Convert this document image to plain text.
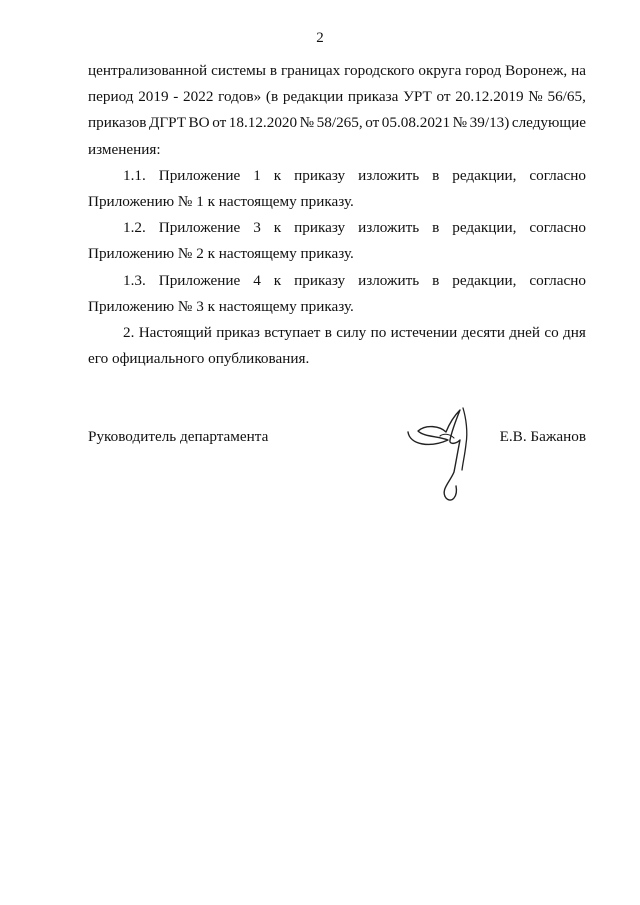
2
централизованной системы в границах городского округа город Воронеж, на
период 2019 - 2022 годов» (в редакции приказа УРТ от 20.12.2019 № 56/65,
приказов ДГРТ ВО от 18.12.2020 № 58/265, от 05.08.2021 № 39/13) следующие
изменения:
1.1. Приложение 1 к приказу изложить в редакции, согласно
Приложению № 1 к настоящему приказу.
1.2. Приложение 3 к приказу изложить в редакции, согласно
Приложению № 2 к настоящему приказу.
1.3. Приложение 4 к приказу изложить в редакции, согласно
Приложению № 3 к настоящему приказу.
2. Настоящий приказ вступает в силу по истечении десяти дней со дня
его официального опубликования.
Руководитель департамента	Е.В. Бажанов
